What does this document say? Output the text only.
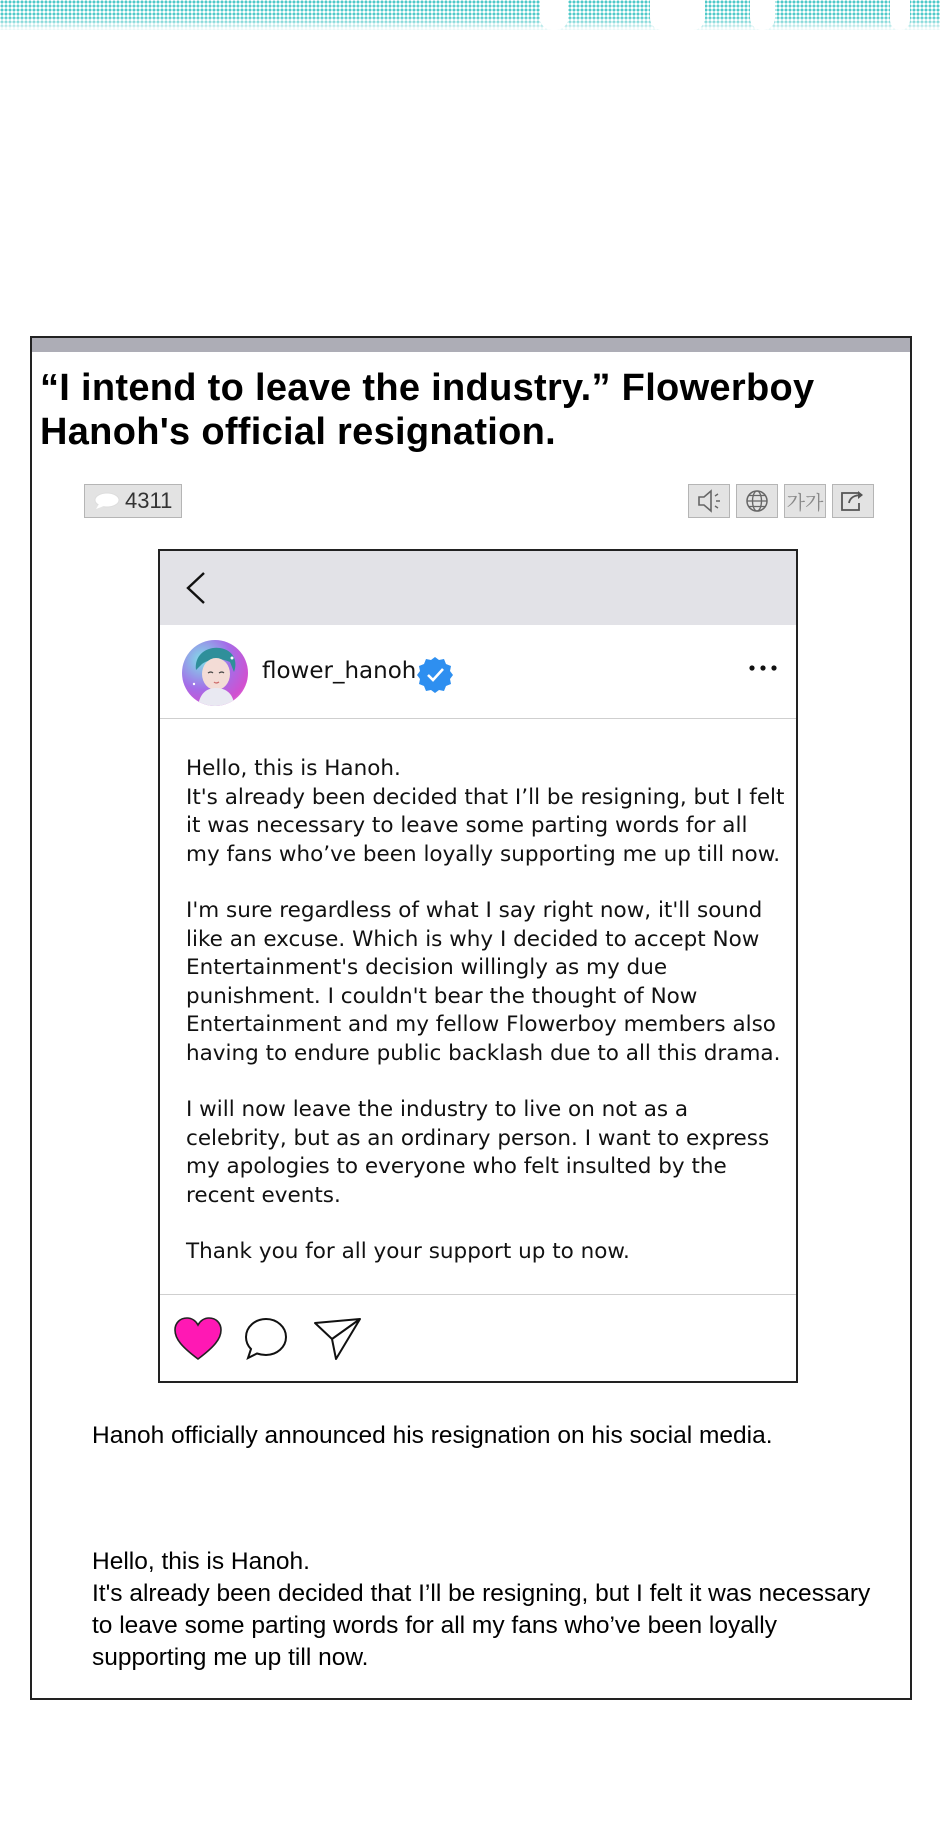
“I intend to leave the industry.” Flowerboy Hanoh's official resignation.
4311	가가
flower_hanoh

Hello, this is Hanoh.
It's already been decided that I’ll be resigning, but I felt it was necessary to leave some parting words for all my fans who’ve been loyally supporting me up till now.

I'm sure regardless of what I say right now, it'll sound like an excuse. Which is why I decided to accept Now Entertainment's decision willingly as my due punishment. I couldn't bear the thought of Now Entertainment and my fellow Flowerboy members also having to endure public backlash due to all this drama.

I will now leave the industry to live on not as a celebrity, but as an ordinary person. I want to express my apologies to everyone who felt insulted by the recent events.

Thank you for all your support up to now.

Hanoh officially announced his resignation on his social media.
Hello, this is Hanoh.
It's already been decided that I’ll be resigning, but I felt it was necessary to leave some parting words for all my fans who’ve been loyally supporting me up till now.
